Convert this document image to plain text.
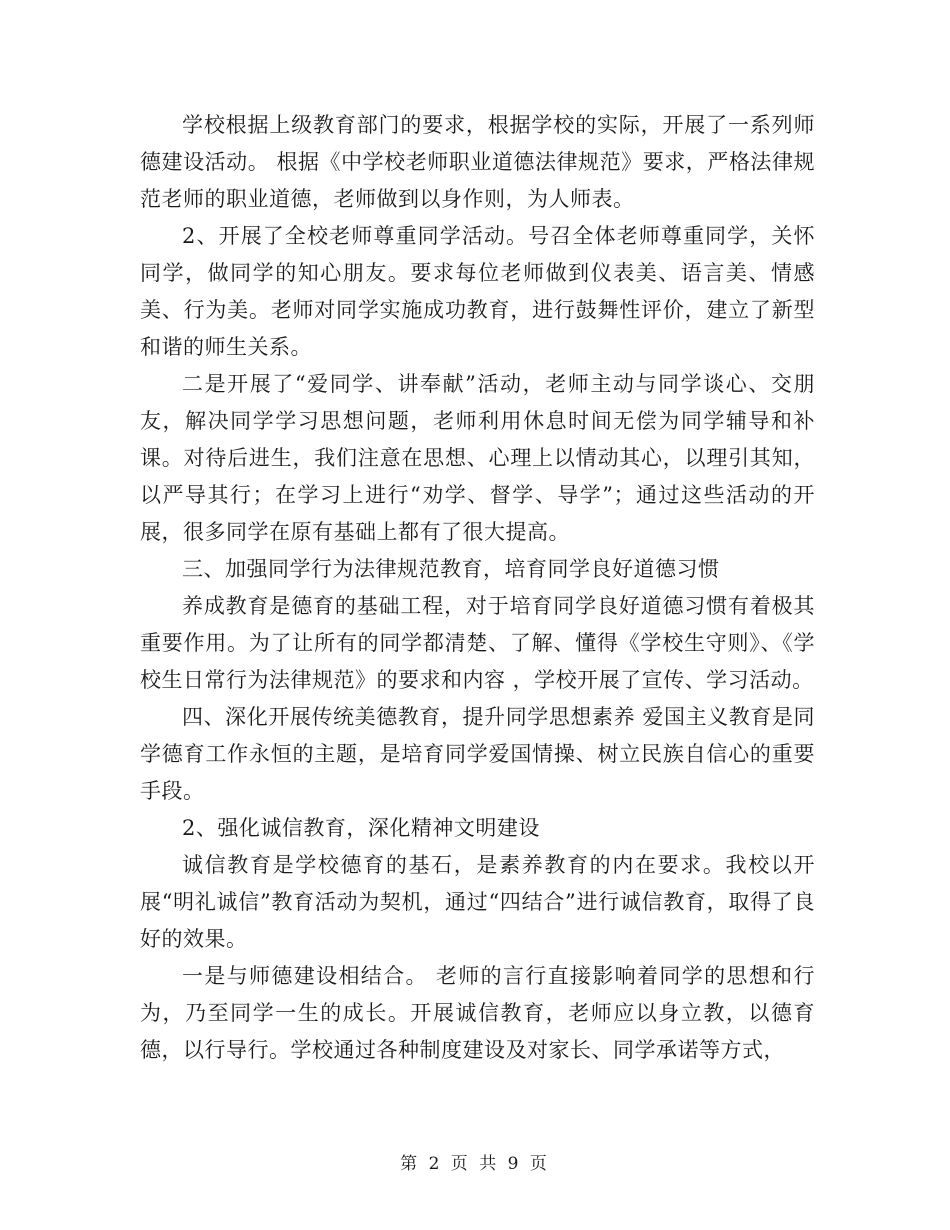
学校根据上级教育部门的要求，根据学校的实际，开展了一系列师德建设活动。 根据《中学校老师职业道德法律规范》要求，严格法律规范老师的职业道德，老师做到以身作则，为人师表。

2、开展了全校老师尊重同学活动。号召全体老师尊重同学，关怀同学，做同学的知心朋友。要求每位老师做到仪表美、语言美、情感美、行为美。老师对同学实施成功教育，进行鼓舞性评价，建立了新型和谐的师生关系。

二是开展了“爱同学、讲奉献”活动，老师主动与同学谈心、交朋友，解决同学学习思想问题，老师利用休息时间无偿为同学辅导和补课。对待后进生，我们注意在思想、心理上以情动其心，以理引其知，以严导其行；在学习上进行“劝学、督学、导学”；通过这些活动的开展，很多同学在原有基础上都有了很大提高。

三、加强同学行为法律规范教育，培育同学良好道德习惯

养成教育是德育的基础工程，对于培育同学良好道德习惯有着极其重要作用。为了让所有的同学都清楚、了解、懂得《学校生守则》、《学校生日常行为法律规范》的要求和内容 ，学校开展了宣传、学习活动。

四、深化开展传统美德教育，提升同学思想素养 爱国主义教育是同学德育工作永恒的主题，是培育同学爱国情操、树立民族自信心的重要手段。

2、强化诚信教育，深化精神文明建设

诚信教育是学校德育的基石，是素养教育的内在要求。我校以开展“明礼诚信”教育活动为契机，通过“四结合”进行诚信教育，取得了良好的效果。

一是与师德建设相结合。 老师的言行直接影响着同学的思想和行为，乃至同学一生的成长。开展诚信教育，老师应以身立教，以德育德，以行导行。学校通过各种制度建设及对家长、同学承诺等方式，

第 2 页 共 9 页
